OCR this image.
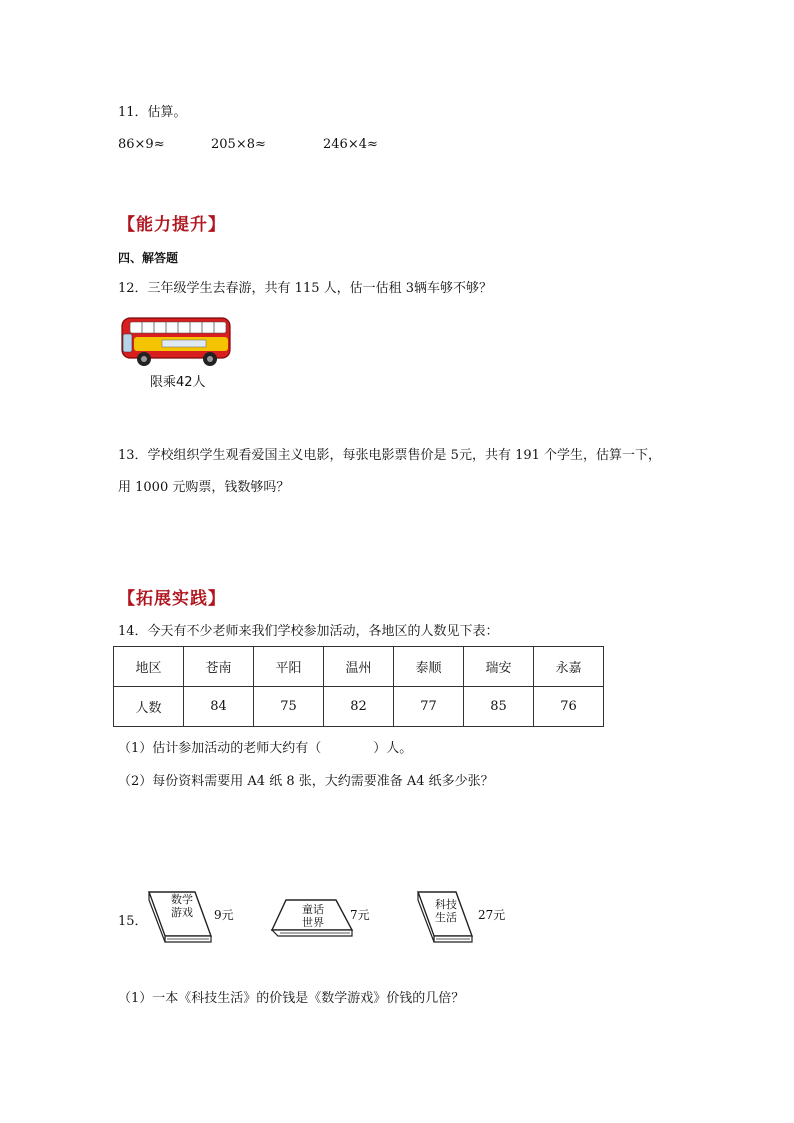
11．估算。
86×9≈	205×8≈	246×4≈
【能力提升】
四、解答题
12．三年级学生去春游，共有 115 人，估一估租 3辆车够不够？
限乘42人
13．学校组织学生观看爱国主义电影，每张电影票售价是 5元，共有 191 个学生，估算一下，
用 1000 元购票，钱数够吗？
【拓展实践】
14．今天有不少老师来我们学校参加活动，各地区的人数见下表：
地区	苍南	平阳	温州	泰顺	瑞安	永嘉
人数	84	75	82	77	85	76
（1）估计参加活动的老师大约有（　　　　）人。
（2）每份资料需要用 A4 纸 8 张，大约需要准备 A4 纸多少张？
15．
数学
游戏	9元	童话
世界
7元
科技
生活	27元
（1）一本《科技生活》的价钱是《数学游戏》价钱的几倍？
